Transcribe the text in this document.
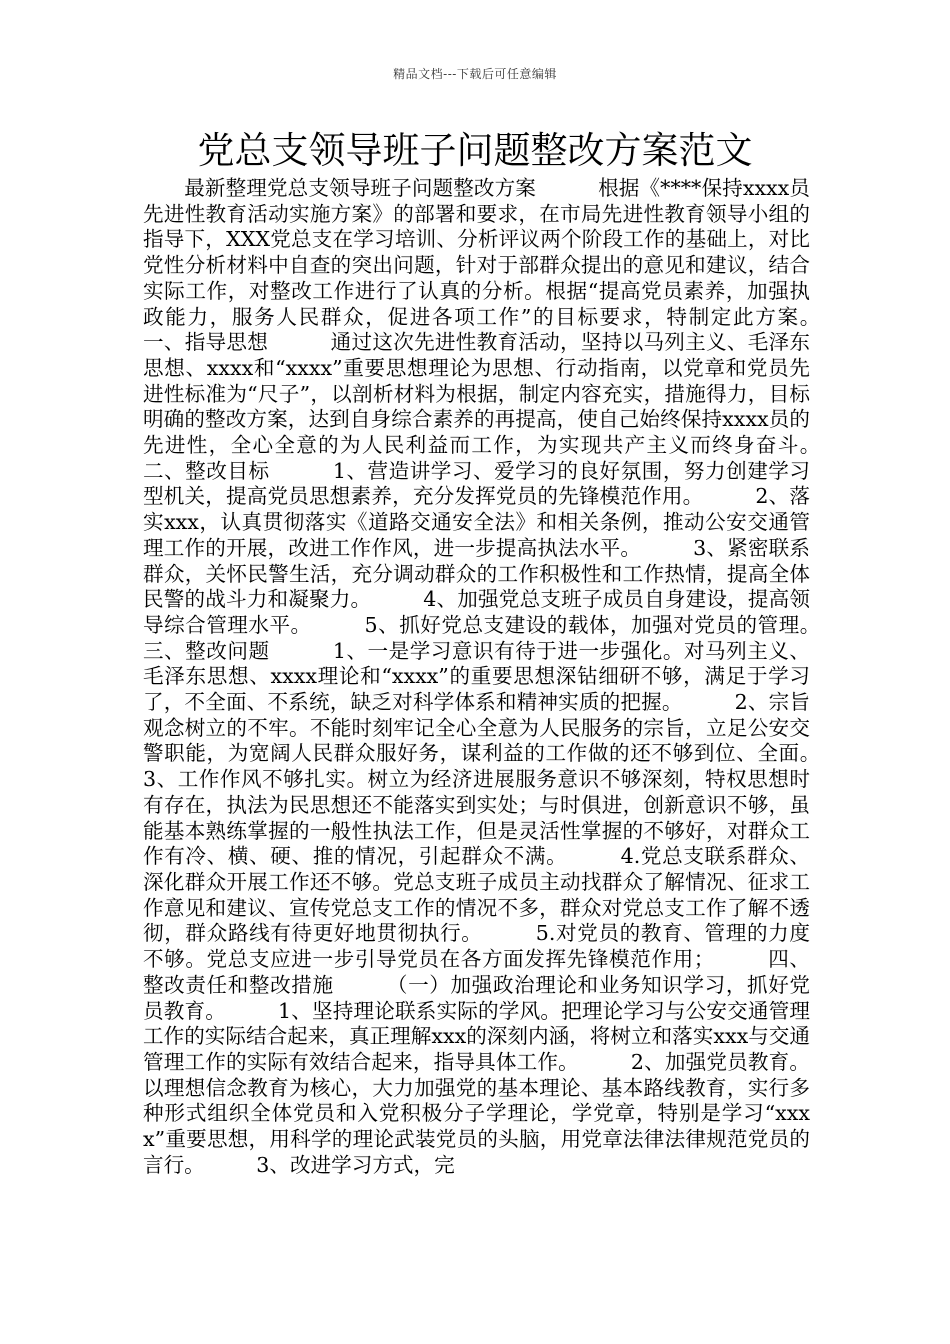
精品文档---下载后可任意编辑
党总支领导班子问题整改方案范文

最新整理党总支领导班子问题整改方案　　　根据《****保持xxxx员先进性教育活动实施方案》的部署和要求，在市局先进性教育领导小组的指导下，XXX党总支在学习培训、分析评议两个阶段工作的基础上，对比党性分析材料中自查的突出问题，针对于部群众提出的意见和建议，结合实际工作，对整改工作进行了认真的分析。根据“提高党员素养，加强执政能力，服务人民群众，促进各项工作”的目标要求，特制定此方案。　　　一、指导思想　　　通过这次先进性教育活动，坚持以马列主义、毛泽东思想、xxxx和“xxxx”重要思想理论为思想、行动指南，以党章和党员先进性标准为“尺子”，以剖析材料为根据，制定内容充实，措施得力，目标明确的整改方案，达到自身综合素养的再提高，使自己始终保持xxxx员的先进性，全心全意的为人民利益而工作，为实现共产主义而终身奋斗。　　　二、整改目标　　　1、营造讲学习、爱学习的良好氛围，努力创建学习型机关，提高党员思想素养，充分发挥党员的先锋模范作用。　　　2、落实xxx，认真贯彻落实《道路交通安全法》和相关条例，推动公安交通管理工作的开展，改进工作作风，进一步提高执法水平。　　　3、紧密联系群众，关怀民警生活，充分调动群众的工作积极性和工作热情，提高全体民警的战斗力和凝聚力。　　　4、加强党总支班子成员自身建设，提高领导综合管理水平。　　　5、抓好党总支建设的载体，加强对党员的管理。　　　三、整改问题　　　1、一是学习意识有待于进一步强化。对马列主义、毛泽东思想、xxxx理论和“xxxx”的重要思想深钻细研不够，满足于学习了，不全面、不系统，缺乏对科学体系和精神实质的把握。　　　2、宗旨观念树立的不牢。不能时刻牢记全心全意为人民服务的宗旨，立足公安交警职能，为宽阔人民群众服好务，谋利益的工作做的还不够到位、全面。　　　3、工作作风不够扎实。树立为经济进展服务意识不够深刻，特权思想时有存在，执法为民思想还不能落实到实处；与时俱进，创新意识不够，虽能基本熟练掌握的一般性执法工作，但是灵活性掌握的不够好，对群众工作有冷、横、硬、推的情况，引起群众不满。　　　4.党总支联系群众、深化群众开展工作还不够。党总支班子成员主动找群众了解情况、征求工作意见和建议、宣传党总支工作的情况不多，群众对党总支工作了解不透彻，群众路线有待更好地贯彻执行。　　　5.对党员的教育、管理的力度不够。党总支应进一步引导党员在各方面发挥先锋模范作用；　　　四、整改责任和整改措施　　　（一）加强政治理论和业务知识学习，抓好党员教育。　　　1、坚持理论联系实际的学风。把理论学习与公安交通管理工作的实际结合起来，真正理解xxx的深刻内涵，将树立和落实xxx与交通管理工作的实际有效结合起来，指导具体工作。　　　2、加强党员教育。以理想信念教育为核心，大力加强党的基本理论、基本路线教育，实行多种形式组织全体党员和入党积极分子学理论，学党章，特别是学习“xxxx”重要思想，用科学的理论武装党员的头脑，用党章法律法律规范党员的言行。　　　3、改进学习方式，完
